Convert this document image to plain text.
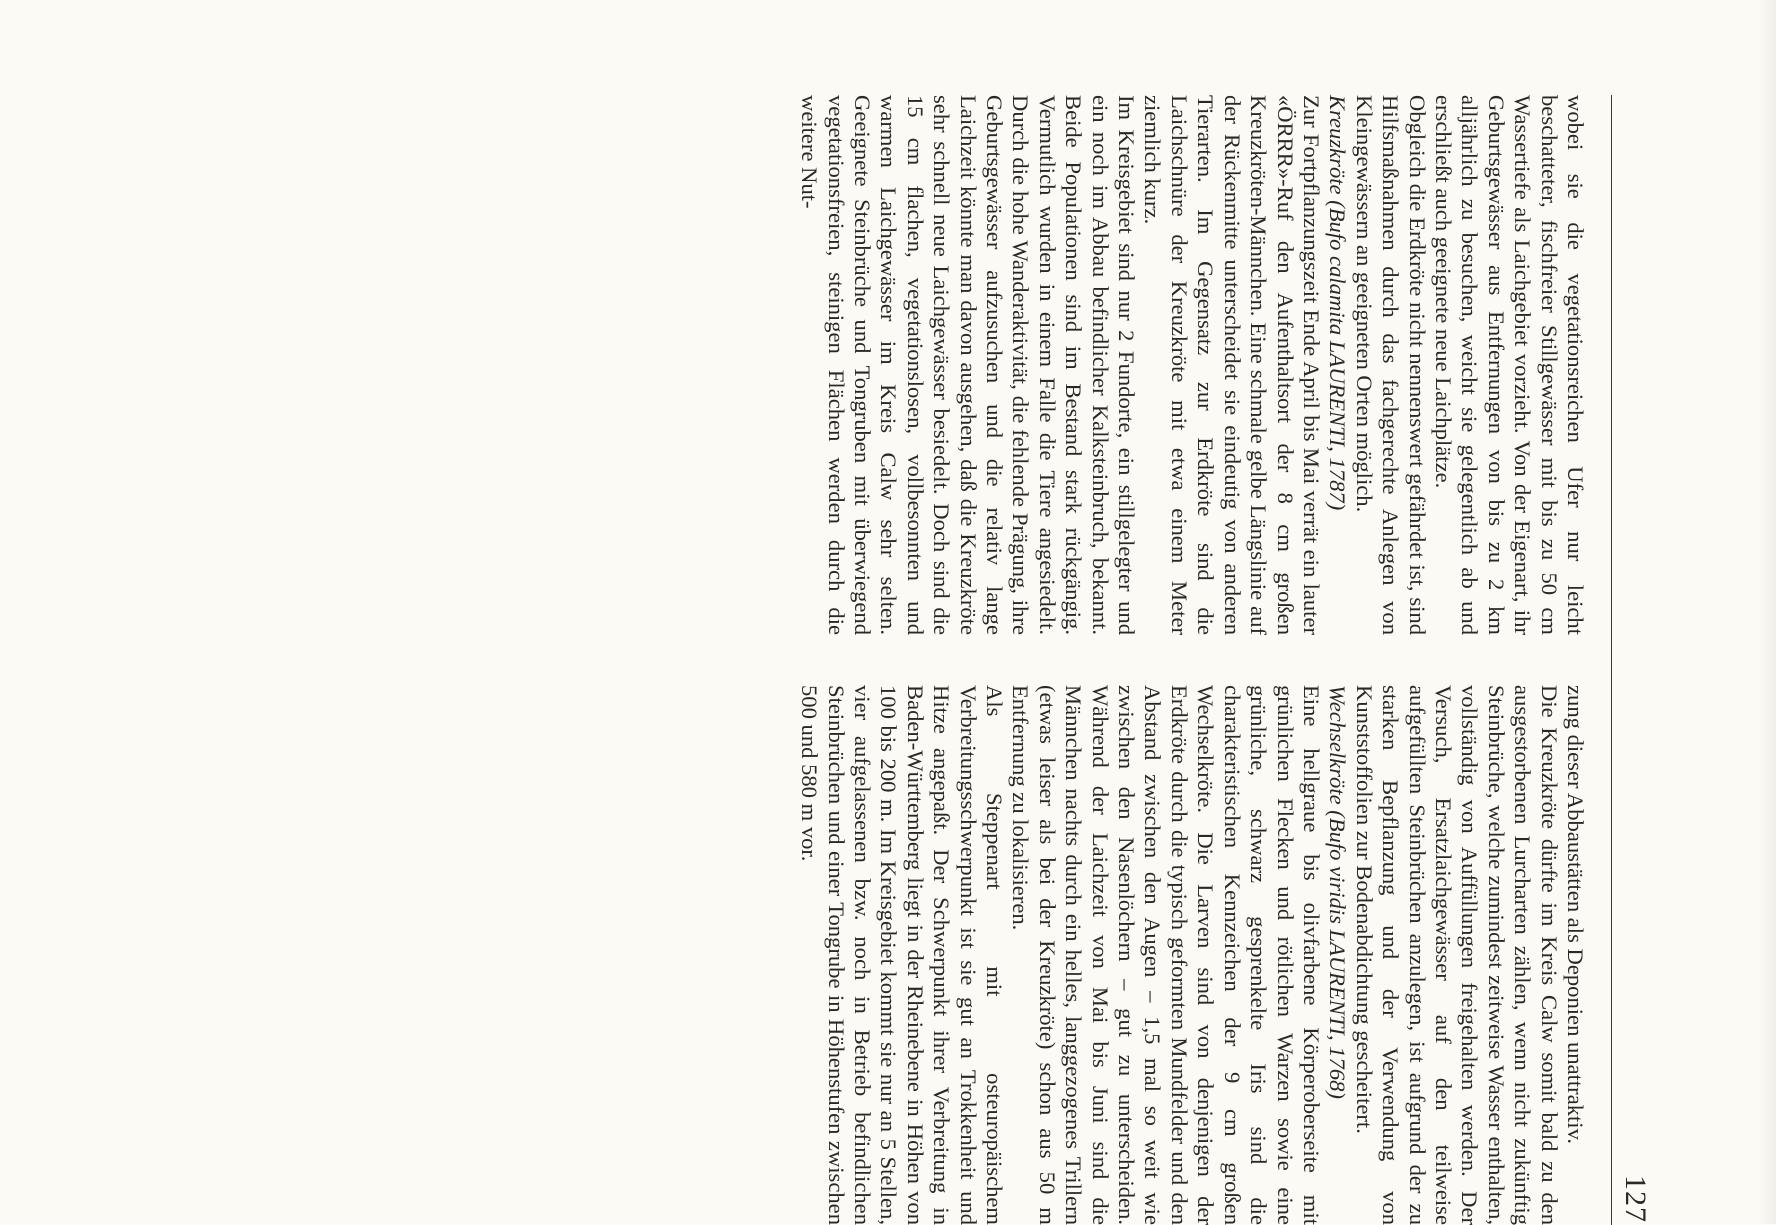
127

wobei sie die vegetationsreichen Ufer nur leicht beschatteter, fischfreier Stillgewässer mit bis zu 50 cm Wassertiefe als Laichgebiet vorzieht. Von der Eigenart, ihr Geburtsgewässer aus Entfernungen von bis zu 2 km alljährlich zu besuchen, weicht sie gelegentlich ab und erschließt auch geeignete neue Laichplätze.

Obgleich die Erdkröte nicht nennenswert gefährdet ist, sind Hilfsmaßnahmen durch das fachgerechte Anlegen von Kleingewässern an geeigneten Orten möglich.

Kreuzkröte (Bufo calamita LAURENTI, 1787)

Zur Fortpflanzungszeit Ende April bis Mai verrät ein lauter «ÖRRR»-Ruf den Aufenthaltsort der 8 cm großen Kreuzkröten-Männchen. Eine schmale gelbe Längslinie auf der Rückenmitte unterscheidet sie eindeutig von anderen Tierarten. Im Gegensatz zur Erdkröte sind die Laichschnüre der Kreuzkröte mit etwa einem Meter ziemlich kurz.

Im Kreisgebiet sind nur 2 Fundorte, ein stillgelegter und ein noch im Abbau befindlicher Kalksteinbruch, bekannt. Beide Populationen sind im Bestand stark rückgängig. Vermutlich wurden in einem Falle die Tiere angesiedelt. Durch die hohe Wanderaktivität, die fehlende Prägung, ihre Geburtsgewässer aufzusuchen und die relativ lange Laichzeit könnte man davon ausgehen, daß die Kreuzkröte sehr schnell neue Laichgewässer besiedelt. Doch sind die 15 cm flachen, vegetationslosen, vollbesonnten und warmen Laichgewässer im Kreis Calw sehr selten. Geeignete Steinbrüche und Tongruben mit überwiegend vegetationsfreien, steinigen Flächen werden durch die weitere Nut-

zung dieser Abbaustätten als Deponien unattraktiv.

Die Kreuzkröte dürfte im Kreis Calw somit bald zu den ausgestorbenen Lurcharten zählen, wenn nicht zukünftig Steinbrüche, welche zumindest zeitweise Wasser enthalten, vollständig von Auffüllungen freigehalten werden. Der Versuch, Ersatzlaichgewässer auf den teilweise aufgefüllten Steinbrüchen anzulegen, ist aufgrund der zu starken Bepflanzung und der Verwendung von Kunststoffolien zur Bodenabdichtung gescheitert.

Wechselkröte (Bufo viridis LAURENTI, 1768)

Eine hellgraue bis olivfarbene Körperoberseite mit grünlichen Flecken und rötlichen Warzen sowie eine grünliche, schwarz gesprenkelte Iris sind die charakteristischen Kennzeichen der 9 cm großen Wechselkröte. Die Larven sind von denjenigen der Erdkröte durch die typisch geformten Mundfelder und den Abstand zwischen den Augen – 1,5 mal so weit wie zwischen den Nasenlöchern – gut zu unterscheiden. Während der Laichzeit von Mai bis Juni sind die Männchen nachts durch ein helles, langgezogenes Trillern (etwas leiser als bei der Kreuzkröte) schon aus 50 m Entfernung zu lokalisieren.

Als Steppenart mit osteuropäischem Verbreitungsschwerpunkt ist sie gut an Trokkenheit und Hitze angepaßt. Der Schwerpunkt ihrer Verbreitung in Baden-Württemberg liegt in der Rheinebene in Höhen von 100 bis 200 m. Im Kreisgebiet kommt sie nur an 5 Stellen, vier aufgelassenen bzw. noch in Betrieb befindlichen Steinbrüchen und einer Tongrube in Höhenstufen zwischen 500 und 580 m vor.
